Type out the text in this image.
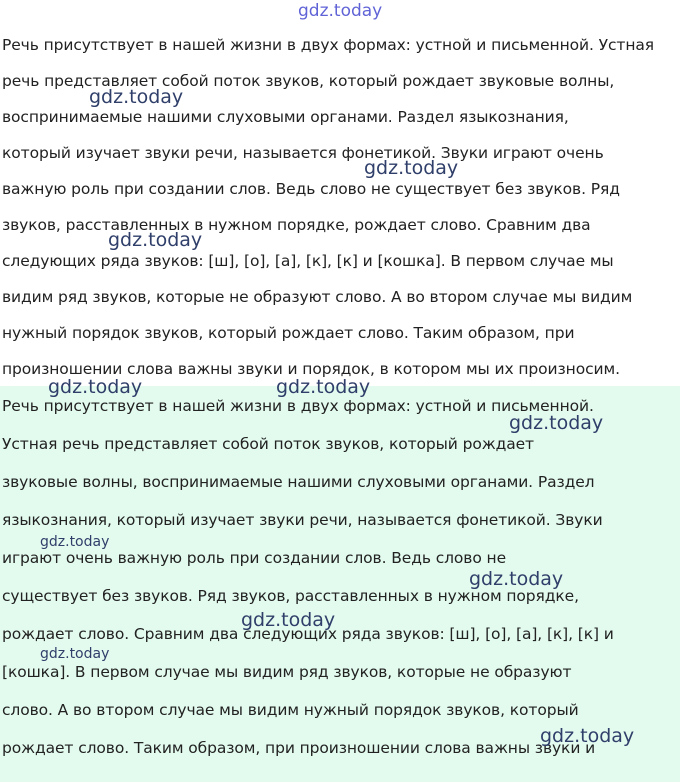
Речь присутствует в нашей жизни в двух формах: устной и письменной. Устная
речь представляет собой поток звуков, который рождает звуковые волны,
воспринимаемые нашими слуховыми органами. Раздел языкознания,
который изучает звуки речи, называется фонетикой. Звуки играют очень
важную роль при создании слов. Ведь слово не существует без звуков. Ряд
звуков, расставленных в нужном порядке, рождает слово. Сравним два
следующих ряда звуков: [ш], [о], [а], [к], [к] и [кошка]. В первом случае мы
видим ряд звуков, которые не образуют слово. А во втором случае мы видим
нужный порядок звуков, который рождает слово. Таким образом, при
произношении слова важны звуки и порядок, в котором мы их произносим.
Речь присутствует в нашей жизни в двух формах: устной и письменной.
Устная речь представляет собой поток звуков, который рождает
звуковые волны, воспринимаемые нашими слуховыми органами. Раздел
языкознания, который изучает звуки речи, называется фонетикой. Звуки
играют очень важную роль при создании слов. Ведь слово не
существует без звуков. Ряд звуков, расставленных в нужном порядке,
рождает слово. Сравним два следующих ряда звуков: [ш], [о], [а], [к], [к] и
[кошка]. В первом случае мы видим ряд звуков, которые не образуют
слово. А во втором случае мы видим нужный порядок звуков, который
рождает слово. Таким образом, при произношении слова важны звуки и
gdz.today
gdz.today
gdz.today
gdz.today
gdz.today	gdz.today
gdz.today
gdz.today
gdz.today
gdz.today
gdz.today
gdz.today
